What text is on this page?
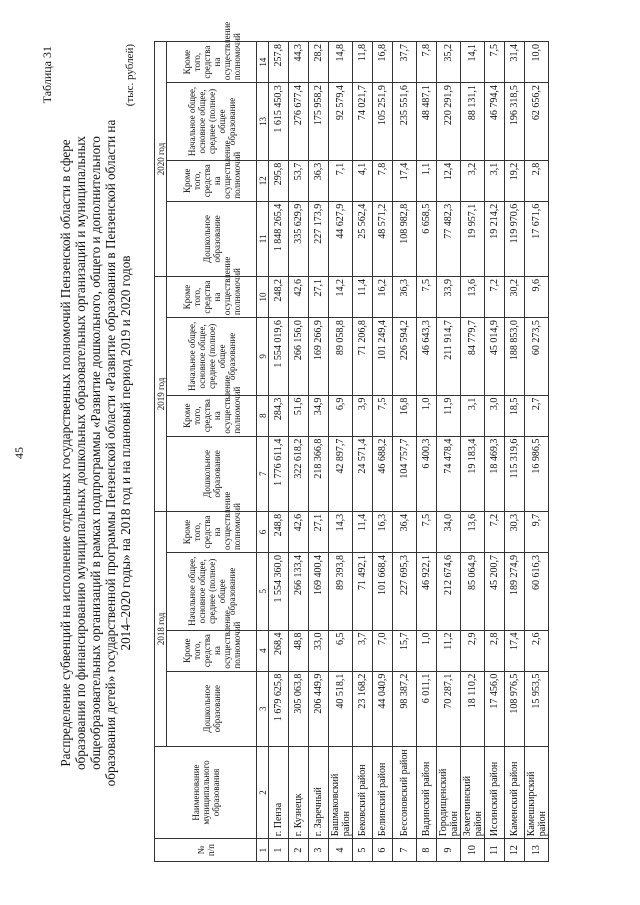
45
Таблица 31
Распределение субвенций на исполнение отдельных государственных полномочий Пензенской области в сфере образования по финансированию муниципальных дошкольных образовательных организаций и муниципальных общеобразовательных организаций в рамках подпрограммы «Развитие дошкольного, общего и дополнительного образования детей» государственной программы Пензенской области «Развитие образования в Пензенской области на 2014–2020 годы» на 2018 год и на плановый период 2019 и 2020 годов
(тыс. рублей)
№ п/п	Наименование муниципального образования	2018 год				2019 год				2020 год			
		Дошкольное образование	Кроме того, средства на осуществление полномочий	Начальное общее, основное общее, среднее (полное) общее образование	Кроме того, средства на осуществление полномочий	Дошкольное образование	Кроме того, средства на осуществление полномочий	Начальное общее, основное общее, среднее (полное) общее образование	Кроме того, средства на осуществление полномочий	Дошкольное образование	Кроме того, средства на осуществление полномочий	Начальное общее, основное общее, среднее (полное) общее образование	Кроме того, средства на осуществление полномочий
1	2	3	4	5	6	7	8	9	10	11	12	13	14
1	г. Пенза	1 679 625,8	268,4	1 554 360,0	248,8	1 776 611,4	284,3	1 554 019,6	248,2	1 848 265,4	295,8	1 615 450,3	257,8
2	г. Кузнецк	305 063,8	48,8	266 133,4	42,6	322 618,2	51,6	266 156,0	42,6	335 629,9	53,7	276 677,4	44,3
3	г. Заречный	206 449,9	33,0	169 400,4	27,1	218 366,8	34,9	169 266,9	27,1	227 173,9	36,3	175 958,2	28,2
4	Башмаковский район	40 518,1	6,5	89 393,8	14,3	42 897,7	6,9	89 058,8	14,2	44 627,9	7,1	92 579,4	14,8
5	Бековский район	23 168,2	3,7	71 492,1	11,4	24 571,4	3,9	71 206,8	11,4	25 562,4	4,1	74 021,7	11,8
6	Белинский район	44 040,9	7,0	101 668,4	16,3	46 688,2	7,5	101 249,4	16,2	48 571,2	7,8	105 251,9	16,8
7	Бессоновский район	98 387,2	15,7	227 695,3	36,4	104 757,7	16,8	226 594,2	36,3	108 982,8	17,4	235 551,6	37,7
8	Вадинский район	6 011,1	1,0	46 922,1	7,5	6 400,3	1,0	46 643,3	7,5	6 658,5	1,1	48 487,1	7,8
9	Городищенский район	70 287,1	11,2	212 674,6	34,0	74 478,4	11,9	211 914,7	33,9	77 482,3	12,4	220 291,9	35,2
10	Земетчинский район	18 110,2	2,9	85 064,9	13,6	19 183,4	3,1	84 779,7	13,6	19 957,1	3,2	88 131,1	14,1
11	Иссинский район	17 456,0	2,8	45 200,7	7,2	18 469,3	3,0	45 014,9	7,2	19 214,2	3,1	46 794,4	7,5
12	Каменский район	108 976,5	17,4	189 274,9	30,3	115 319,6	18,5	188 853,0	30,2	119 970,6	19,2	196 318,5	31,4
13	Камешкирский район	15 953,5	2,6	60 616,3	9,7	16 986,5	2,7	60 273,5	9,6	17 671,6	2,8	62 656,2	10,0
